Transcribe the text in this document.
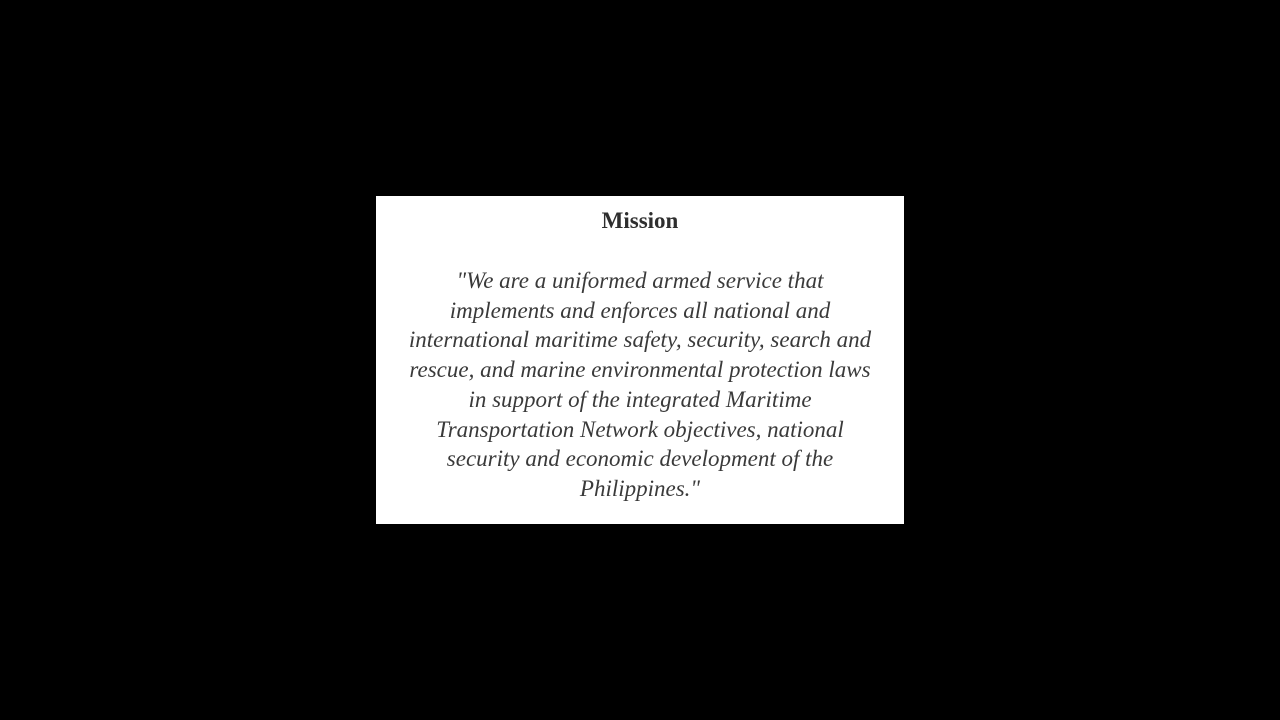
Mission
"We are a uniformed armed service that
implements and enforces all national and
international maritime safety, security, search and
rescue, and marine environmental protection laws
in support of the integrated Maritime
Transportation Network objectives, national
security and economic development of the
Philippines."
